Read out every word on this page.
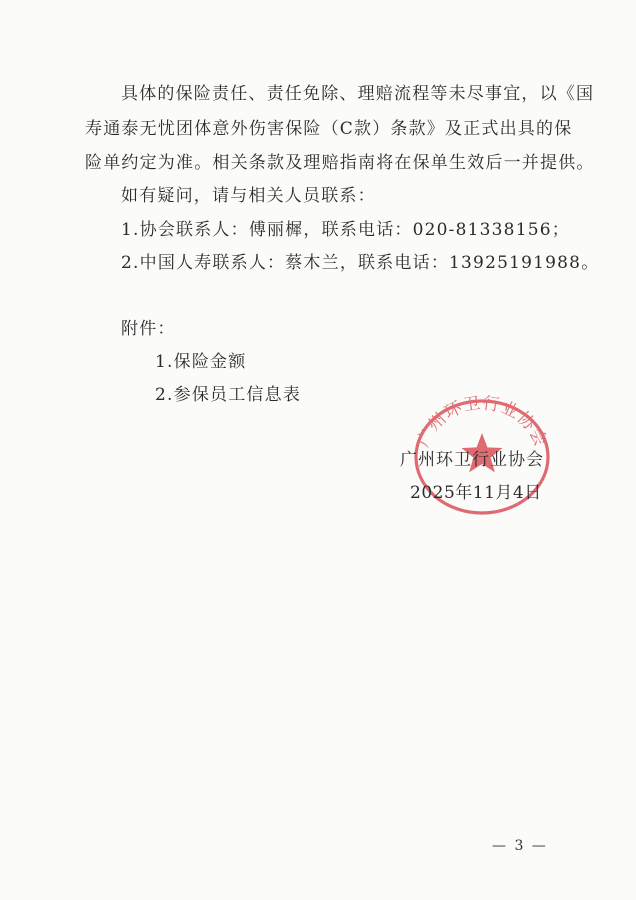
具体的保险责任、责任免除、理赔流程等未尽事宜，以《国
寿通泰无忧团体意外伤害保险（C款）条款》及正式出具的保
险单约定为准。相关条款及理赔指南将在保单生效后一并提供。
如有疑问，请与相关人员联系：
1.协会联系人：傅丽樨，联系电话：020-81338156；
2.中国人寿联系人：蔡木兰，联系电话：13925191988。
附件：
1.保险金额
2.参保员工信息表
广州环卫行业协会
广州环卫行业协会
2025年11月4日
— 3 —
